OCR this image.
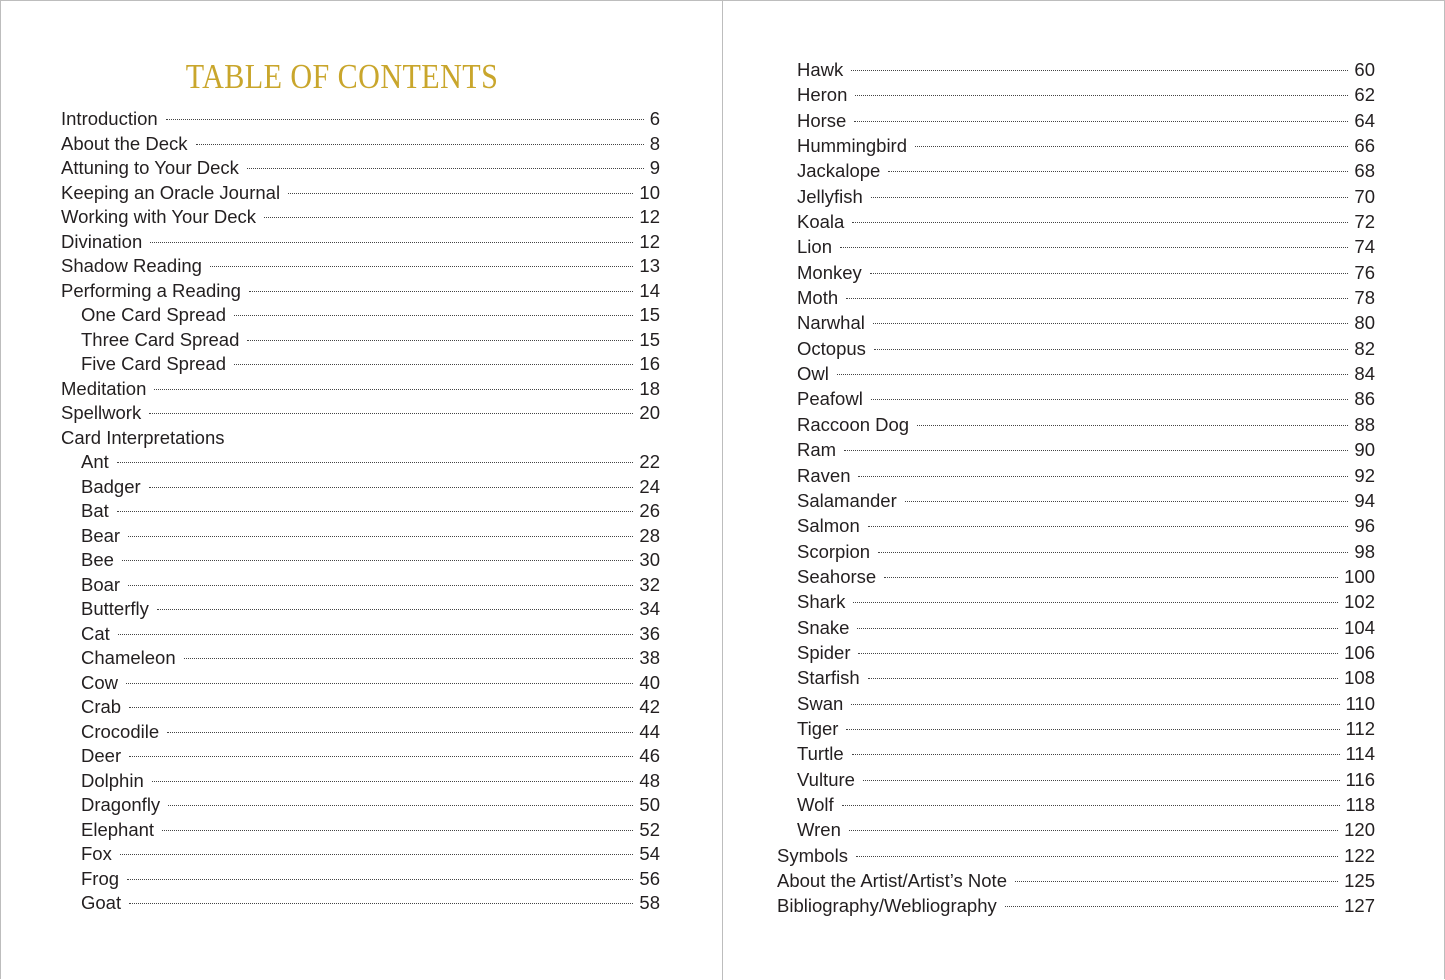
TABLE OF CONTENTS
Introduction	6
About the Deck	8
Attuning to Your Deck	9
Keeping an Oracle Journal	10
Working with Your Deck	12
Divination	12
Shadow Reading	13
Performing a Reading	14
One Card Spread	15
Three Card Spread	15
Five Card Spread	16
Meditation	18
Spellwork	20
Card Interpretations
Ant	22
Badger	24
Bat	26
Bear	28
Bee	30
Boar	32
Butterfly	34
Cat	36
Chameleon	38
Cow	40
Crab	42
Crocodile	44
Deer	46
Dolphin	48
Dragonfly	50
Elephant	52
Fox	54
Frog	56
Goat	58
Hawk	60
Heron	62
Horse	64
Hummingbird	66
Jackalope	68
Jellyfish	70
Koala	72
Lion	74
Monkey	76
Moth	78
Narwhal	80
Octopus	82
Owl	84
Peafowl	86
Raccoon Dog	88
Ram	90
Raven	92
Salamander	94
Salmon	96
Scorpion	98
Seahorse	100
Shark	102
Snake	104
Spider	106
Starfish	108
Swan	110
Tiger	112
Turtle	114
Vulture	116
Wolf	118
Wren	120
Symbols	122
About the Artist/Artist’s Note	125
Bibliography/Webliography	127
